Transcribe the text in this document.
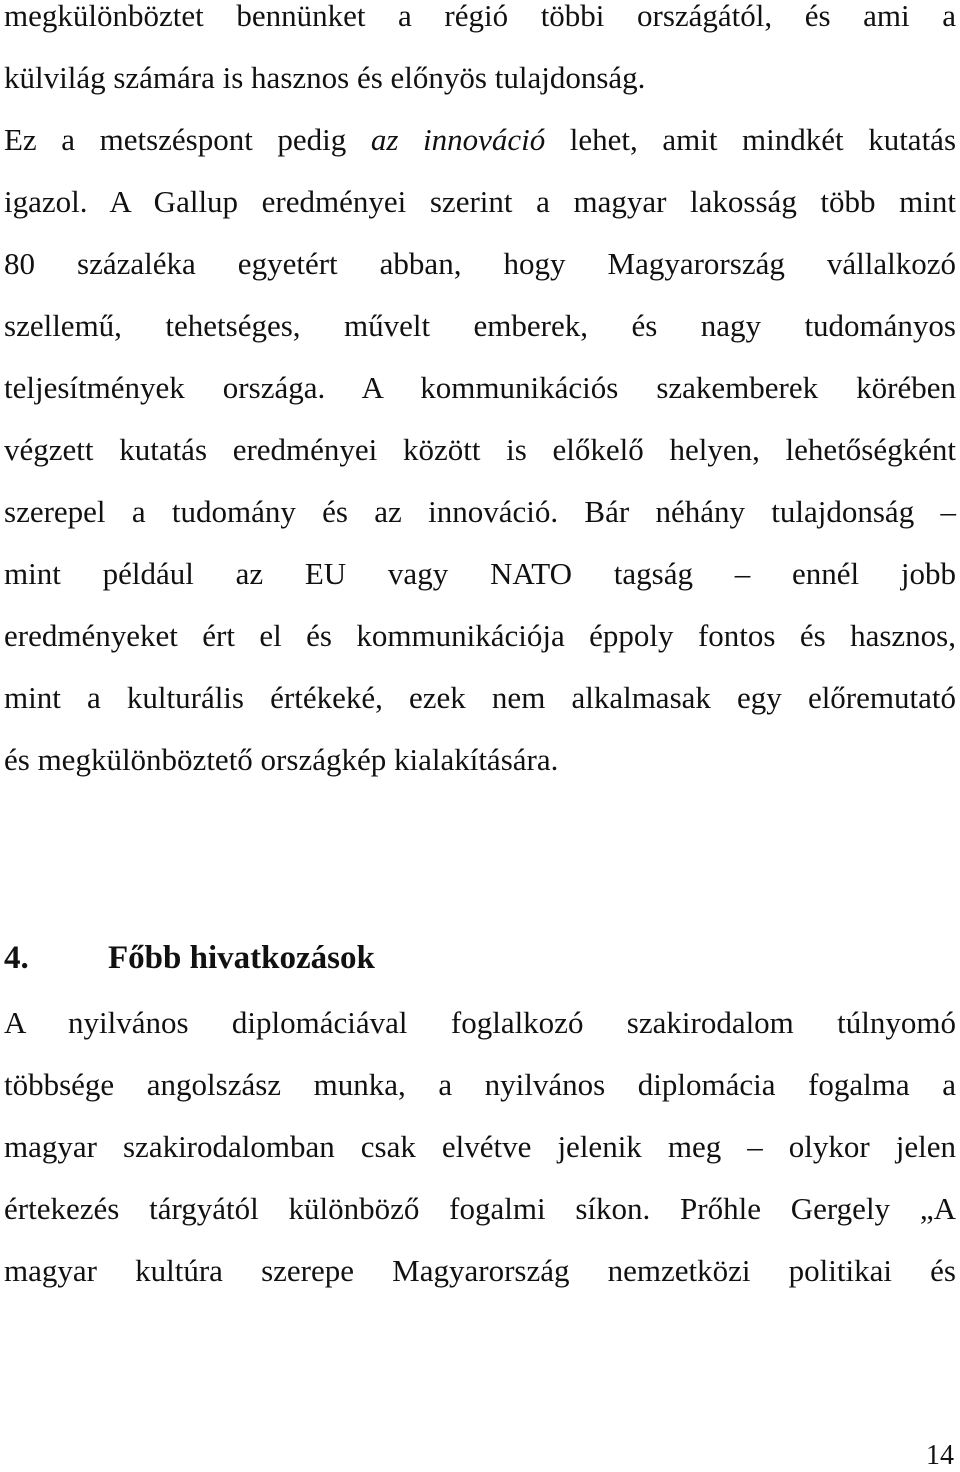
megkülönböztet bennünket a régió többi országától, és ami a
külvilág számára is hasznos és előnyös tulajdonság.
Ez a metszéspont pedig az innováció lehet, amit mindkét kutatás
igazol. A Gallup eredményei szerint a magyar lakosság több mint
80 százaléka egyetért abban, hogy Magyarország vállalkozó
szellemű, tehetséges, művelt emberek, és nagy tudományos
teljesítmények országa. A kommunikációs szakemberek körében
végzett kutatás eredményei között is előkelő helyen, lehetőségként
szerepel a tudomány és az innováció. Bár néhány tulajdonság –
mint például az EU vagy NATO tagság – ennél jobb
eredményeket ért el és kommunikációja éppoly fontos és hasznos,
mint a kulturális értékeké, ezek nem alkalmasak egy előremutató
és megkülönböztető országkép kialakítására.
4. Főbb hivatkozások
A nyilvános diplomáciával foglalkozó szakirodalom túlnyomó
többsége angolszász munka, a nyilvános diplomácia fogalma a
magyar szakirodalomban csak elvétve jelenik meg – olykor jelen
értekezés tárgyától különböző fogalmi síkon. Prőhle Gergely „A
magyar kultúra szerepe Magyarország nemzetközi politikai és
14
